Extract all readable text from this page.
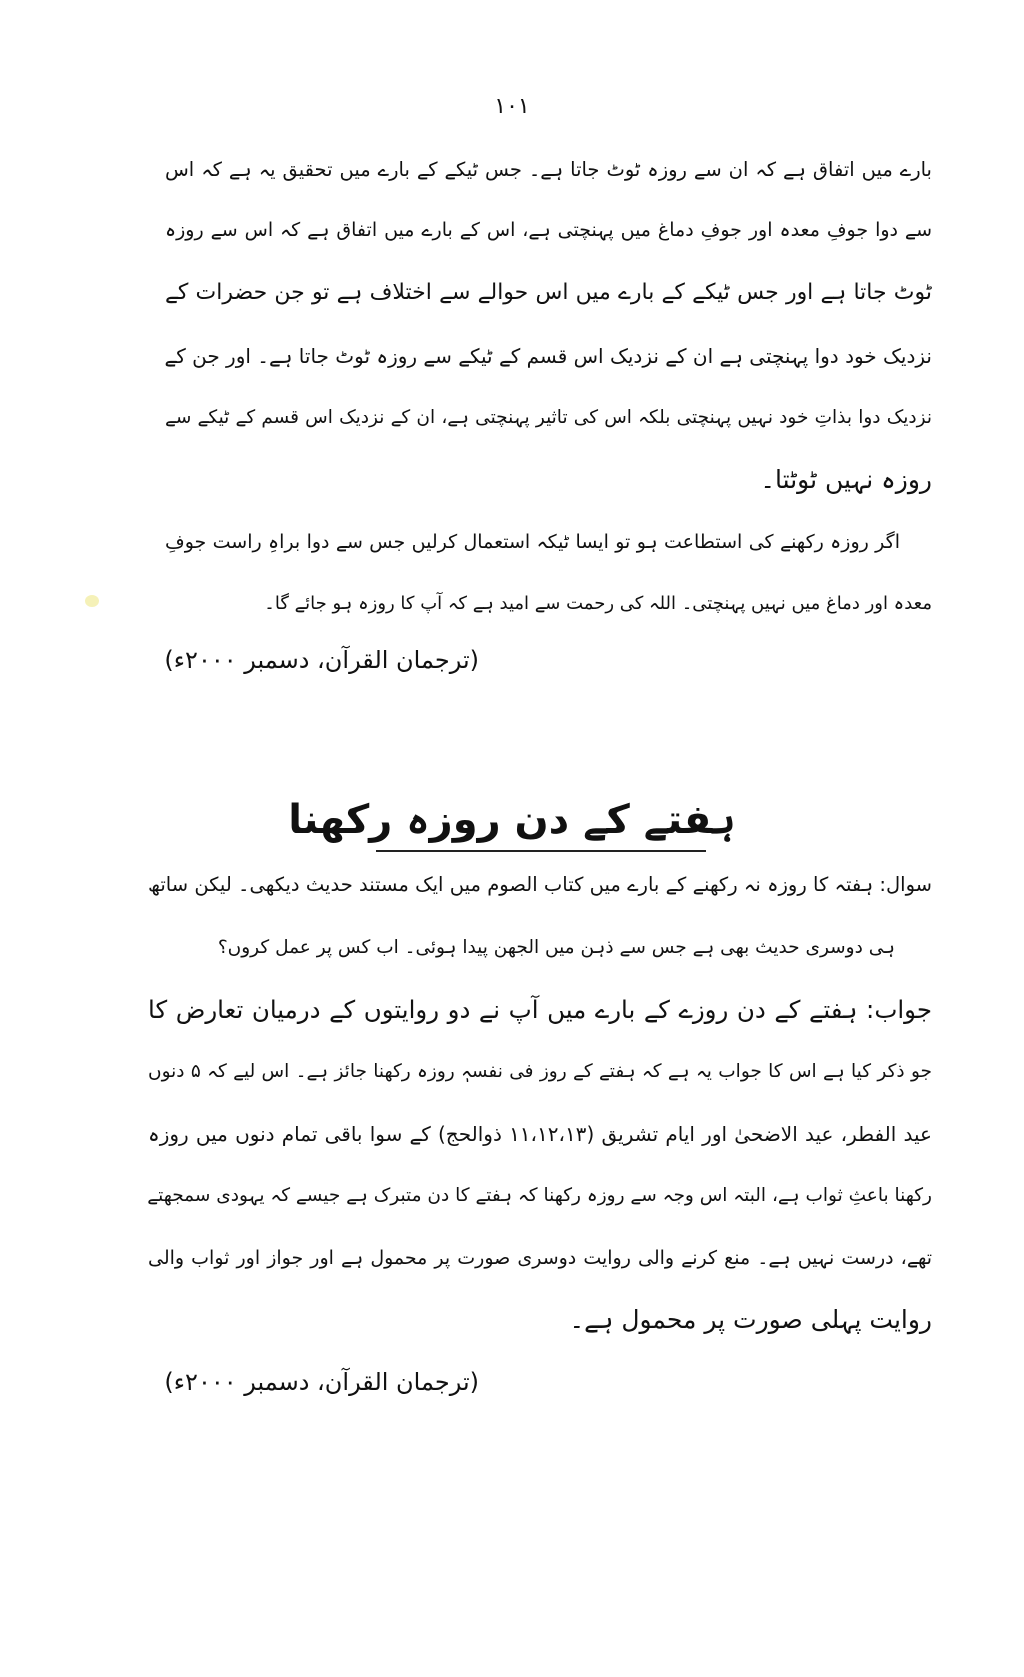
١٠١
بارے میں اتفاق ہے کہ ان سے روزہ ٹوٹ جاتا ہے۔ جس ٹیکے کے بارے میں تحقیق یہ ہے کہ اس
سے دوا جوفِ معدہ اور جوفِ دماغ میں پہنچتی ہے، اس کے بارے میں اتفاق ہے کہ اس سے روزہ
ٹوٹ جاتا ہے اور جس ٹیکے کے بارے میں اس حوالے سے اختلاف ہے تو جن حضرات کے
نزدیک خود دوا پہنچتی ہے ان کے نزدیک اس قسم کے ٹیکے سے روزہ ٹوٹ جاتا ہے۔ اور جن کے
نزدیک دوا بذاتِ خود نہیں پہنچتی بلکہ اس کی تاثیر پہنچتی ہے، ان کے نزدیک اس قسم کے ٹیکے سے
روزہ نہیں ٹوٹتا۔
اگر روزہ رکھنے کی استطاعت ہو تو ایسا ٹیکہ استعمال کرلیں جس سے دوا براہِ راست جوفِ
معدہ اور دماغ میں نہیں پہنچتی۔ اللہ کی رحمت سے امید ہے کہ آپ کا روزہ ہو جائے گا۔
(ترجمان القرآن، دسمبر ۲۰۰۰ء)
ہفتے کے دن روزہ رکھنا
سوال: ہفتہ کا روزہ نہ رکھنے کے بارے میں کتاب الصوم میں ایک مستند حدیث دیکھی۔ لیکن ساتھ
ہی دوسری حدیث بھی ہے جس سے ذہن میں الجھن پیدا ہوئی۔ اب کس پر عمل کروں؟
جواب: ہفتے کے دن روزے کے بارے میں آپ نے دو روایتوں کے درمیان تعارض کا
جو ذکر کیا ہے اس کا جواب یہ ہے کہ ہفتے کے روز فی نفسہٖ روزہ رکھنا جائز ہے۔ اس لیے کہ ۵ دنوں
عید الفطر، عید الاضحیٰ اور ایام تشریق (۱۱،۱۲،۱۳ ذوالحج) کے سوا باقی تمام دنوں میں روزہ
رکھنا باعثِ ثواب ہے، البتہ اس وجہ سے روزہ رکھنا کہ ہفتے کا دن متبرک ہے جیسے کہ یہودی سمجھتے
تھے، درست نہیں ہے۔ منع کرنے والی روایت دوسری صورت پر محمول ہے اور جواز اور ثواب والی
روایت پہلی صورت پر محمول ہے۔
(ترجمان القرآن، دسمبر ۲۰۰۰ء)
